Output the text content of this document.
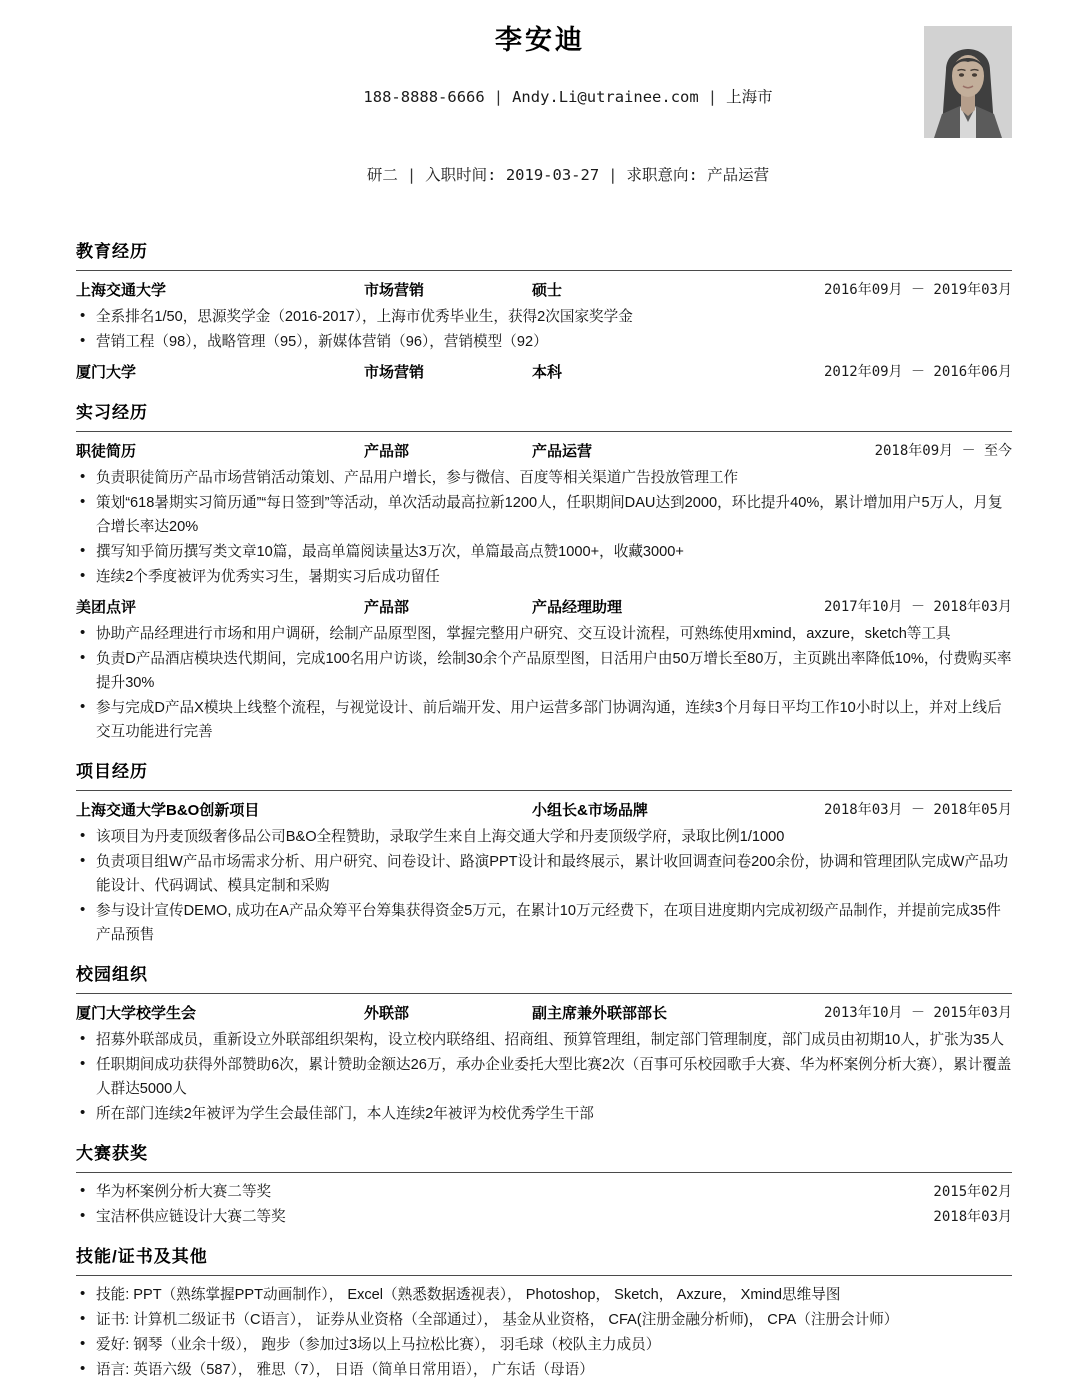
李安迪

188-8888-6666 | Andy.Li@utrainee.com | 上海市

研二 | 入职时间: 2019-03-27 | 求职意向: 产品运营

教育经历
上海交通大学	市场营销	硕士	2016年09月 － 2019年03月
• 全系排名1/50，思源奖学金（2016-2017），上海市优秀毕业生，获得2次国家奖学金
• 营销工程（98），战略管理（95），新媒体营销（96），营销模型（92）
厦门大学	市场营销	本科	2012年09月 － 2016年06月
实习经历
职徒简历	产品部	产品运营	2018年09月 － 至今
• 负责职徒简历产品市场营销活动策划、产品用户增长，参与微信、百度等相关渠道广告投放管理工作
• 策划“618暑期实习简历通”“每日签到”等活动，单次活动最高拉新1200人，任职期间DAU达到2000，环比提升40%，累计增加用户5万人，月复合增长率达20%
• 撰写知乎简历撰写类文章10篇，最高单篇阅读量达3万次，单篇最高点赞1000+，收藏3000+
• 连续2个季度被评为优秀实习生，暑期实习后成功留任
美团点评	产品部	产品经理助理	2017年10月 － 2018年03月
• 协助产品经理进行市场和用户调研，绘制产品原型图，掌握完整用户研究、交互设计流程，可熟练使用xmind，axzure，sketch等工具
• 负责D产品酒店模块迭代期间，完成100名用户访谈，绘制30余个产品原型图，日活用户由50万增长至80万，主页跳出率降低10%，付费购买率提升30%
• 参与完成D产品X模块上线整个流程，与视觉设计、前后端开发、用户运营多部门协调沟通，连续3个月每日平均工作10小时以上，并对上线后交互功能进行完善
项目经历
上海交通大学B&O创新项目	小组长&市场品牌	2018年03月 － 2018年05月
• 该项目为丹麦顶级奢侈品公司B&O全程赞助，录取学生来自上海交通大学和丹麦顶级学府，录取比例1/1000
• 负责项目组W产品市场需求分析、用户研究、问卷设计、路演PPT设计和最终展示，累计收回调查问卷200余份，协调和管理团队完成W产品功能设计、代码调试、模具定制和采购
• 参与设计宣传DEMO, 成功在A产品众筹平台筹集获得资金5万元，在累计10万元经费下，在项目进度期内完成初级产品制作，并提前完成35件产品预售
校园组织
厦门大学校学生会	外联部	副主席兼外联部部长	2013年10月 － 2015年03月
• 招募外联部成员，重新设立外联部组织架构，设立校内联络组、招商组、预算管理组，制定部门管理制度，部门成员由初期10人，扩张为35人
• 任职期间成功获得外部赞助6次，累计赞助金额达26万，承办企业委托大型比赛2次（百事可乐校园歌手大赛、华为杯案例分析大赛），累计覆盖人群达5000人
• 所在部门连续2年被评为学生会最佳部门，本人连续2年被评为校优秀学生干部
大赛获奖
• 华为杯案例分析大赛二等奖	2015年02月
• 宝洁杯供应链设计大赛二等奖	2018年03月
技能/证书及其他
• 技能: PPT（熟练掌握PPT动画制作）， Excel（熟悉数据透视表）， Photoshop， Sketch， Axzure， Xmind思维导图
• 证书: 计算机二级证书（C语言）， 证券从业资格（全部通过）， 基金从业资格， CFA(注册金融分析师)， CPA（注册会计师）
• 爱好: 钢琴（业余十级）， 跑步（参加过3场以上马拉松比赛）， 羽毛球（校队主力成员）
• 语言: 英语六级（587）， 雅思（7）， 日语（简单日常用语）， 广东话（母语）
